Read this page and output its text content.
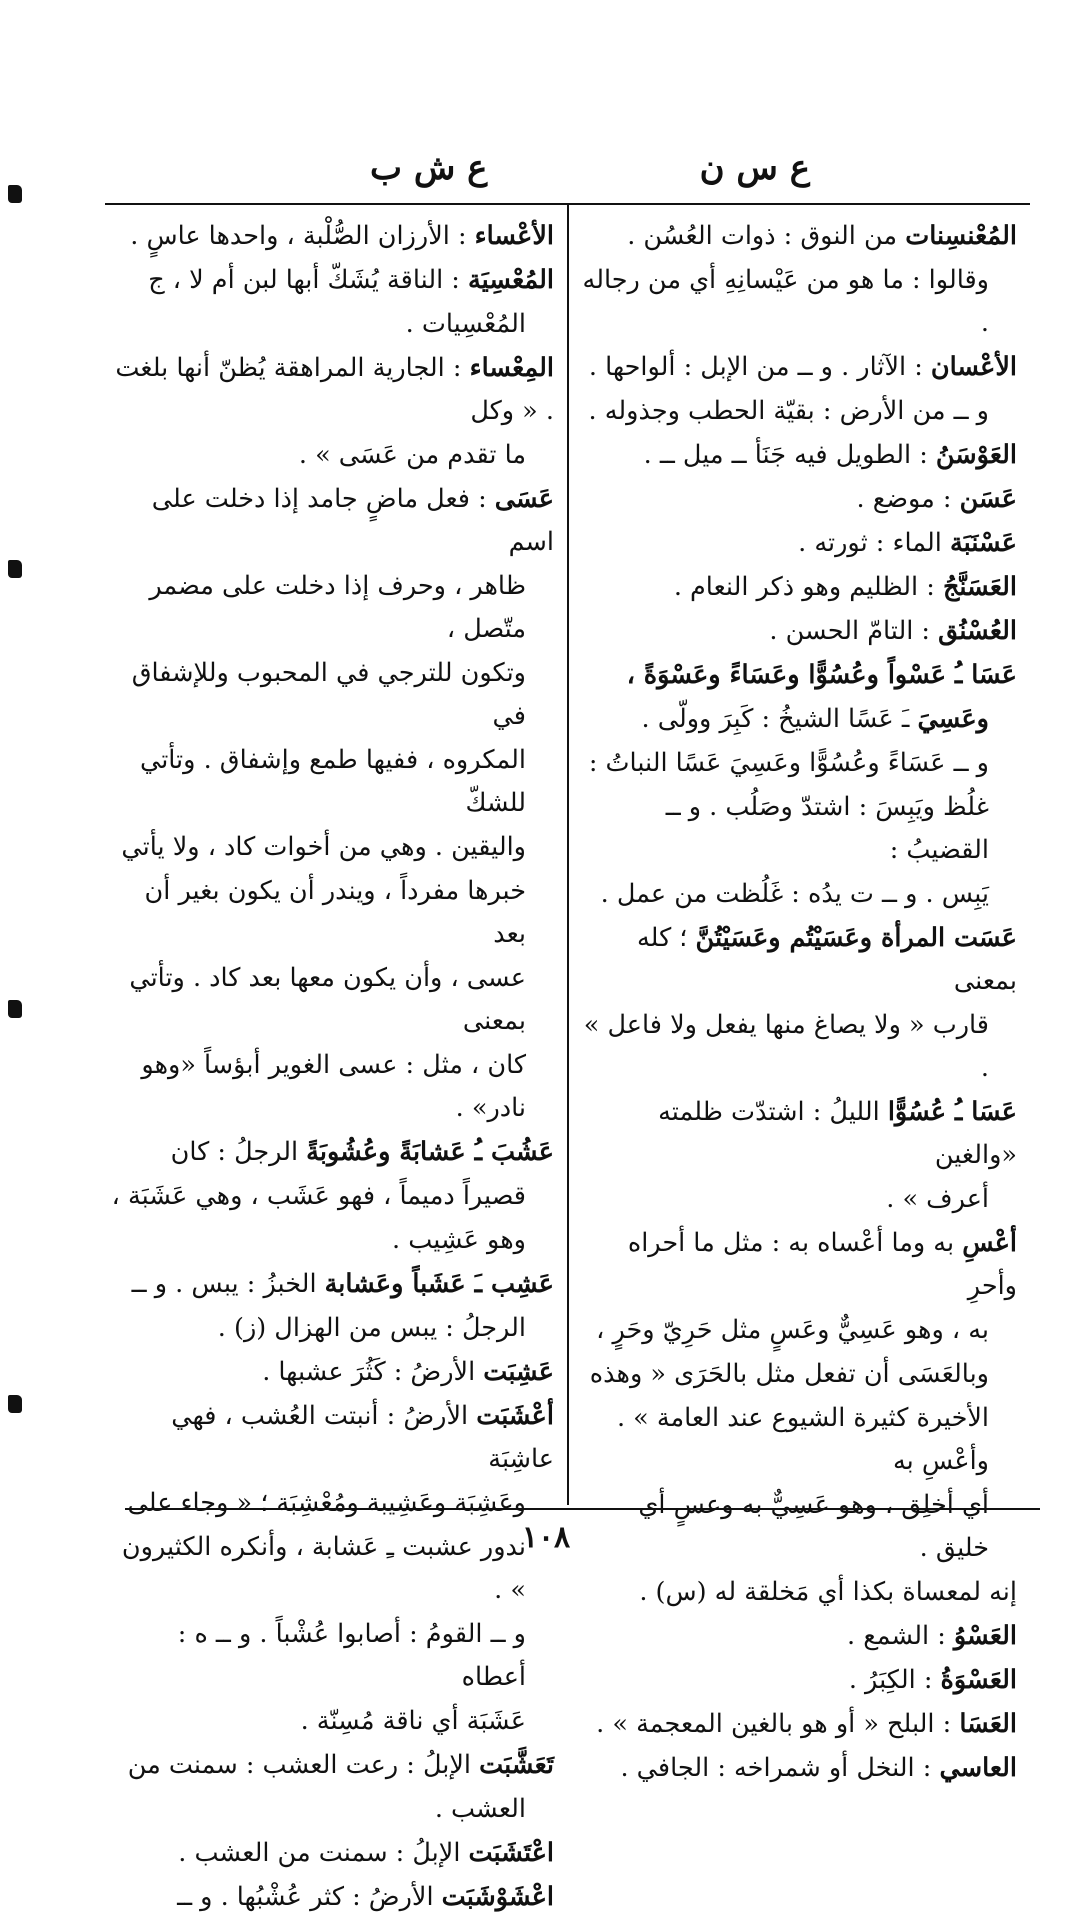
ع س ن
ع ش ب
المُعْنسِنات من النوق : ذوات العُسُن .
وقالوا : ما هو من عَيْسانِهِ أي من رجاله .
الأعْسان : الآثار . و ــ من الإبل : ألواحها .
و ــ من الأرض : بقيّة الحطب وجذوله .
العَوْسَنُ : الطويل فيه جَنَأ ــ ميل ــ .
عَسَن : موضع .
عَسْنَبَة الماء : ثورته .
العَسَنَّجُ : الظليم وهو ذكر النعام .
العُسْنُق : التامّ الحسن .
عَسَا ـُ عَسْواً وعُسُوًّا وعَسَاءً وعَسْوَةً ،
وعَسِيَ ـَ عَسًا الشيخُ : كَبِرَ وولّى .
و ــ عَسَاءً وعُسُوًّا وعَسِيَ عَسًا النباتُ :
غلُظ ويَبِسَ : اشتدّ وصَلُب . و ــ القضيبُ :
يَبِس . و ــ ت يدُه : غَلُظت من عمل .
عَسَت المرأة وعَسَيْتُم وعَسَيْتُنَّ ؛ كله بمعنى
قارب « ولا يصاغ منها يفعل ولا فاعل » .
عَسَا ـُ عُسُوًّا الليلُ : اشتدّت ظلمته «والغين
أعرف » .
أعْسِ به وما أعْساه به : مثل ما أحراه وأحرِ
به ، وهو عَسِيٌّ وعَسٍ مثل حَرِيّ وحَرٍ ،
وبالعَسَى أن تفعل مثل بالحَرَى « وهذه
الأخيرة كثيرة الشيوع عند العامة » . وأعْسِ به
أي أخلِق ، وهو عَسِيٌّ به وعسٍ أي خليق .
إنه لمعساة بكذا أي مَخلقة له (س) .
العَسْوُ : الشمع .
العَسْوَةُ : الكِبَرُ .
العَسَا : البلح « أو هو بالغين المعجمة » .
العاسي : النخل أو شمراخه : الجافي .
الأعْساء : الأرزان الصُّلْبة ، واحدها عاسٍ .
المُعْسِيَة : الناقة يُشَكّ أبها لبن أم لا ، ج
المُعْسِيات .
المِعْساء : الجارية المراهقة يُظنّ أنها بلغت . « وكل
ما تقدم من عَسَى » .
عَسَى : فعل ماضٍ جامد إذا دخلت على اسم
ظاهر ، وحرف إذا دخلت على مضمر متّصل ،
وتكون للترجي في المحبوب وللإشفاق في
المكروه ، ففيها طمع وإشفاق . وتأتي للشكّ
واليقين . وهي من أخوات كاد ، ولا يأتي
خبرها مفرداً ، ويندر أن يكون بغير أن بعد
عسى ، وأن يكون معها بعد كاد . وتأتي بمعنى
كان ، مثل : عسى الغوير أبؤساً «وهو نادر» .
عَشُبَ ـُ عَشابَةً وعُشُوبَةً الرجلُ : كان
قصيراً دميماً ، فهو عَشَب ، وهي عَشَبَة ،
وهو عَشِيب .
عَشِب ـَ عَشَباً وعَشابة الخبزُ : يبس . و ــ
الرجلُ : يبس من الهزال (ز) .
عَشِبَت الأرضُ : كَثُرَ عشبها .
أعْشَبَت الأرضُ : أنبتت العُشب ، فهي عاشِبَة
وعَشِبَة وعَشِيبة ومُعْشِبَة ؛ « وجاء على
ندور عشبت ـِ عَشابة ، وأنكره الكثيرون » .
و ــ القومُ : أصابوا عُشْباً . و ــ ه : أعطاه
عَشَبَة أي ناقة مُسِنّة .
تَعَشَّبَت الإبلُ : رعت العشب : سمنت من
العشب .
اعْتَشَبَت الإبلُ : سمنت من العشب .
اعْشَوْشَبَت الأرضُ : كثر عُشْبُها . و ــ
١٠٨
